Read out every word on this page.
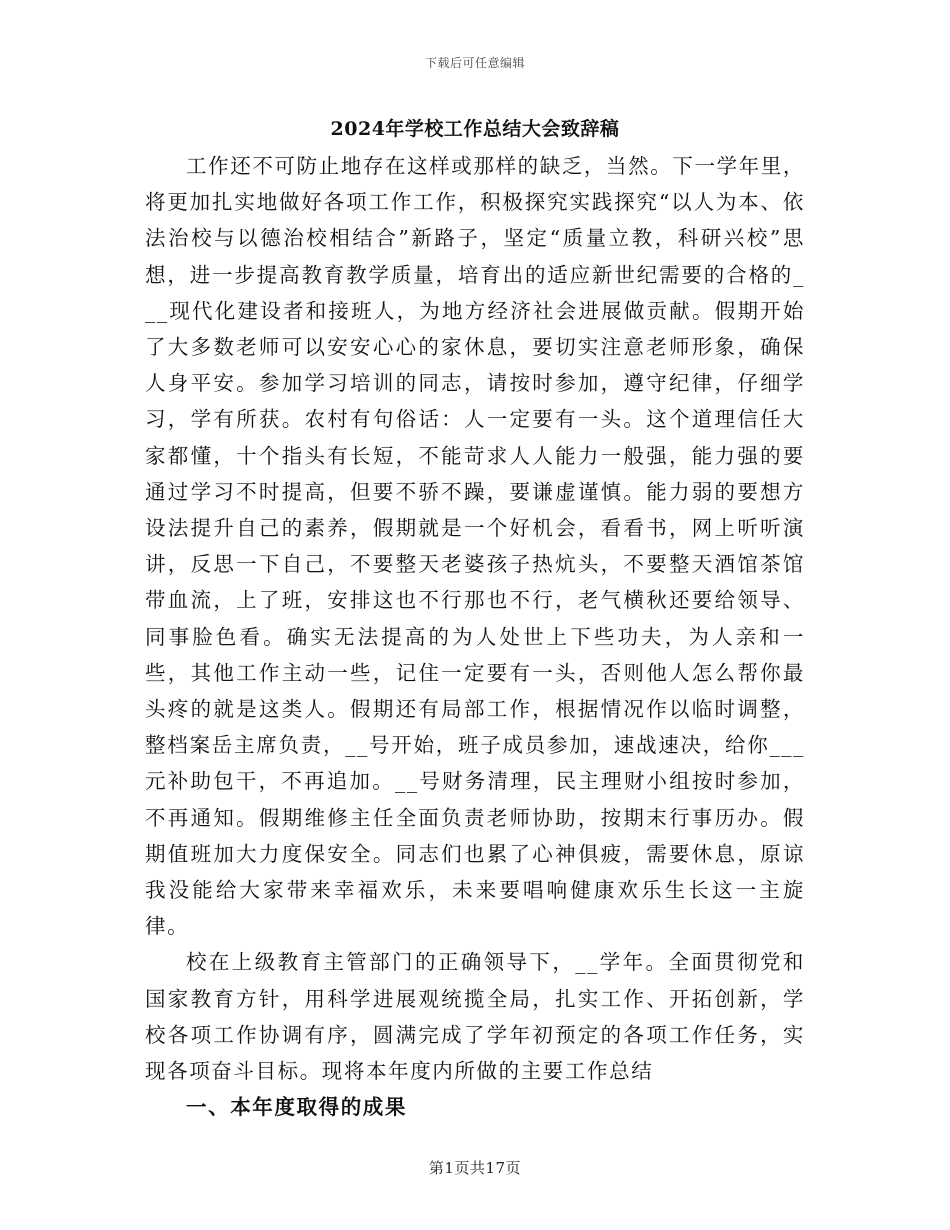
下载后可任意编辑
2024年学校工作总结大会致辞稿

工作还不可防止地存在这样或那样的缺乏，当然。下一学年里，将更加扎实地做好各项工作工作，积极探究实践探究“以人为本、依法治校与以德治校相结合”新路子，坚定“质量立教，科研兴校”思想，进一步提高教育教学质量，培育出的适应新世纪需要的合格的___现代化建设者和接班人，为地方经济社会进展做贡献。假期开始了大多数老师可以安安心心的家休息，要切实注意老师形象，确保人身平安。参加学习培训的同志，请按时参加，遵守纪律，仔细学习，学有所获。农村有句俗话：人一定要有一头。这个道理信任大家都懂，十个指头有长短，不能苛求人人能力一般强，能力强的要通过学习不时提高，但要不骄不躁，要谦虚谨慎。能力弱的要想方设法提升自己的素养，假期就是一个好机会，看看书，网上听听演讲，反思一下自己，不要整天老婆孩子热炕头，不要整天酒馆茶馆带血流，上了班，安排这也不行那也不行，老气横秋还要给领导、同事脸色看。确实无法提高的为人处世上下些功夫，为人亲和一些，其他工作主动一些，记住一定要有一头，否则他人怎么帮你最头疼的就是这类人。假期还有局部工作，根据情况作以临时调整，整档案岳主席负责，__号开始，班子成员参加，速战速决，给你___元补助包干，不再追加。__号财务清理，民主理财小组按时参加，不再通知。假期维修主任全面负责老师协助，按期末行事历办。假期值班加大力度保安全。同志们也累了心神俱疲，需要休息，原谅我没能给大家带来幸福欢乐，未来要唱响健康欢乐生长这一主旋律。

校在上级教育主管部门的正确领导下，__学年。全面贯彻党和国家教育方针，用科学进展观统揽全局，扎实工作、开拓创新，学校各项工作协调有序，圆满完成了学年初预定的各项工作任务，实现各项奋斗目标。现将本年度内所做的主要工作总结

一、本年度取得的成果

第1页共17页
